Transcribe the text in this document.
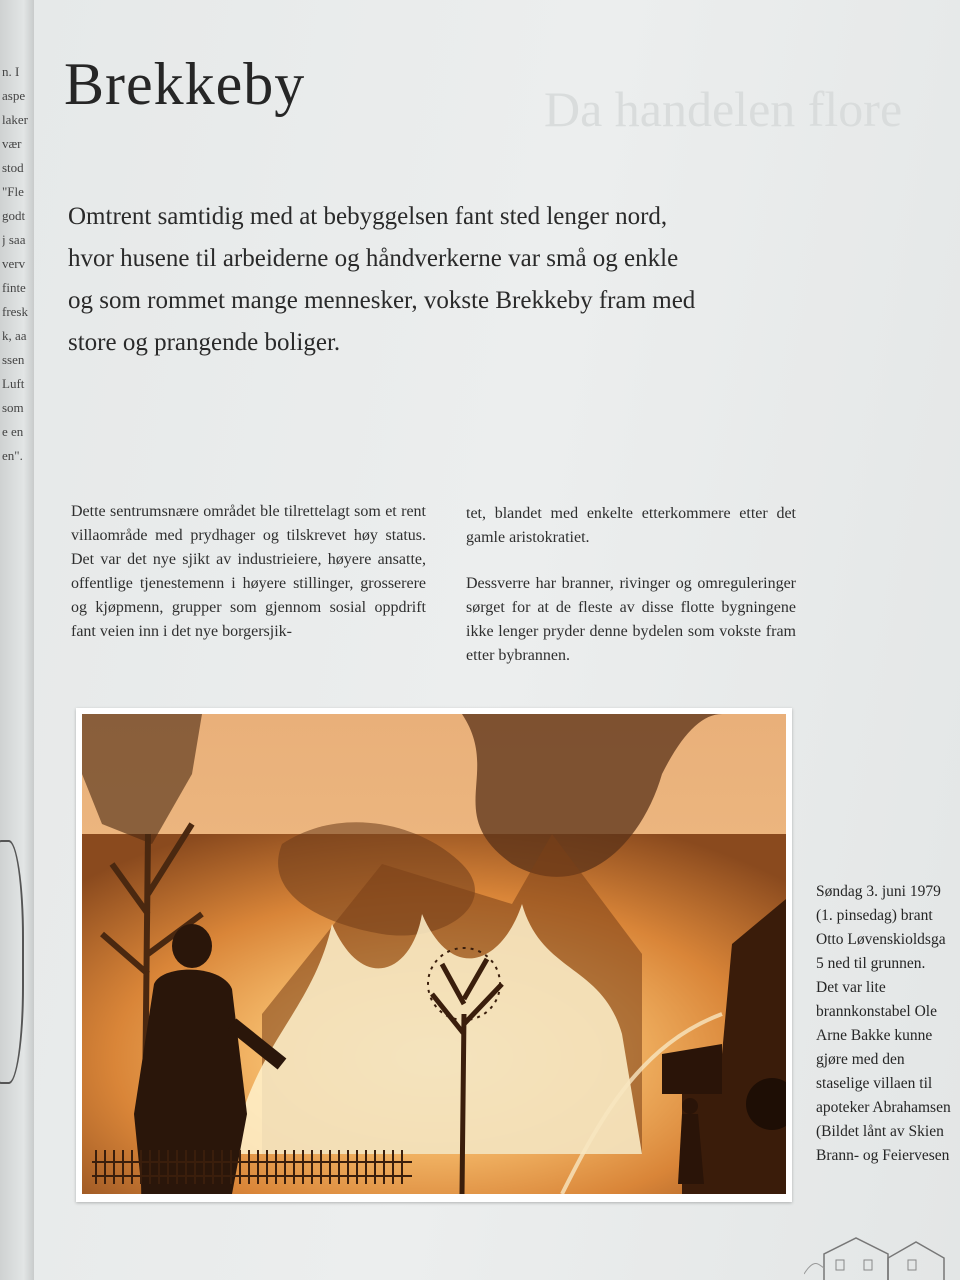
n. I
aspe
laker
vær
stod
"Fle
godt
j saa
verv
finte
fresk
k, aa
ssen
Luft
som
e en
en".
Da handelen flore
Brekkeby

Omtrent samtidig med at bebyggelsen fant sted lenger nord, hvor husene til arbeiderne og håndverkerne var små og enkle og som rommet mange mennesker, vokste Brekkeby fram med store og prangende boliger.

Dette sentrumsnære området ble tilrettelagt som et rent villaområde med prydhager og tilskrevet høy status. Det var det nye sjikt av industrieiere, høyere ansatte, offentlige tjenestemenn i høyere stillinger, grosserere og kjøpmenn, grupper som gjennom sosial oppdrift fant veien inn i det nye borgersjik-

tet, blandet med enkelte etterkommere etter det gamle aristokratiet.

Dessverre har branner, rivinger og omreguleringer sørget for at de fleste av disse flotte bygningene ikke lenger pryder denne bydelen som vokste fram etter bybrannen.

Søndag 3. juni 1979
(1. pinsedag) brant
Otto Løvenskioldsga
5 ned til grunnen.
Det var lite
brannkonstabel Ole
Arne Bakke kunne
gjøre med den
staselige villaen til
apoteker Abrahamsen
(Bildet lånt av Skien
Brann- og Feiervesen
